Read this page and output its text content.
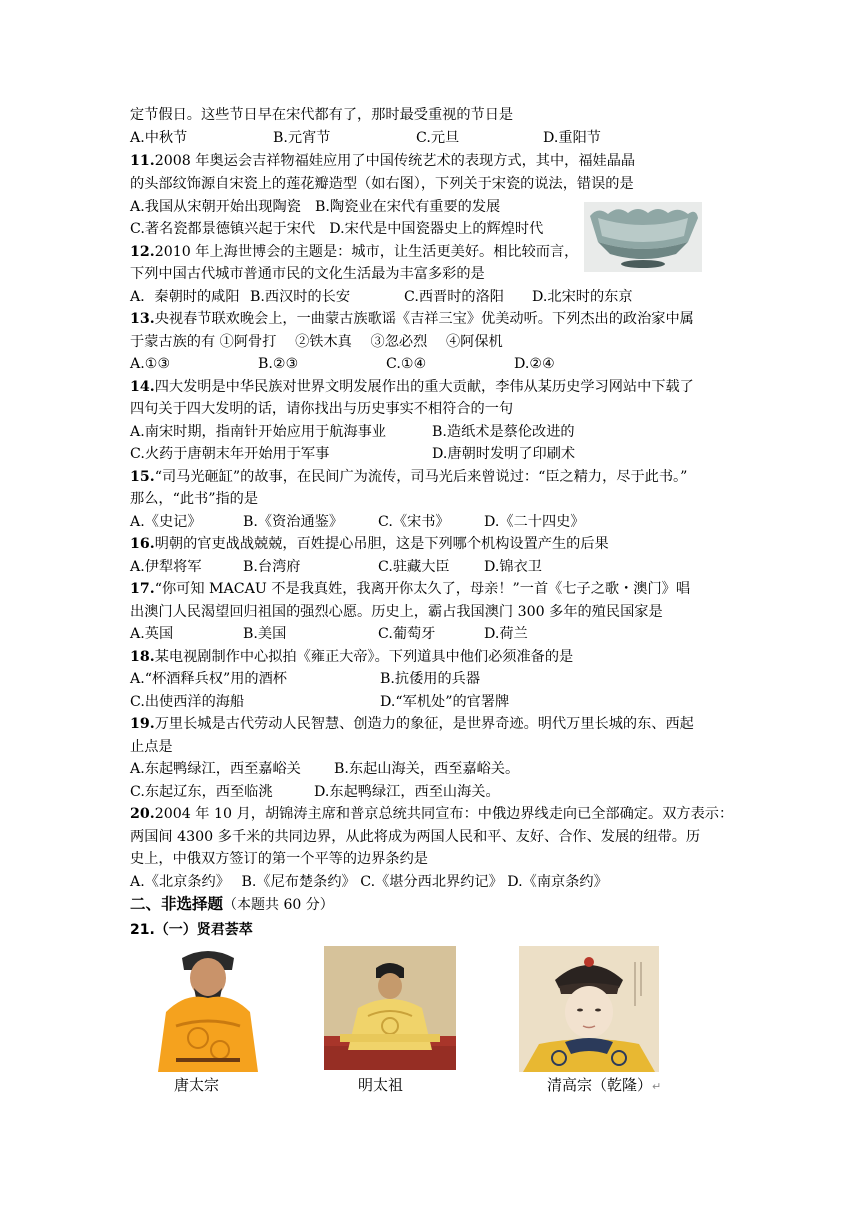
定节假日。这些节日早在宋代都有了，那时最受重视的节日是
A.中秋节	B.元宵节	C.元旦	D.重阳节
11.2008 年奥运会吉祥物福娃应用了中国传统艺术的表现方式，其中，福娃晶晶
的头部纹饰源自宋瓷上的莲花瓣造型（如右图），下列关于宋瓷的说法，错误的是
A.我国从宋朝开始出现陶瓷　B.陶瓷业在宋代有重要的发展
C.著名瓷都景德镇兴起于宋代　D.宋代是中国瓷器史上的辉煌时代
12.2010 年上海世博会的主题是：城市，让生活更美好。相比较而言，
下列中国古代城市普通市民的文化生活最为丰富多彩的是
A．秦朝时的咸阳 B.西汉时的长安	C.西晋时的洛阳 D.北宋时的东京
13.央视春节联欢晚会上，一曲蒙古族歌谣《吉祥三宝》优美动听。下列杰出的政治家中属
于蒙古族的有 ①阿骨打　 ②铁木真　 ③忽必烈　 ④阿保机
A.①③	B.②③	C.①④	D.②④
14.四大发明是中华民族对世界文明发展作出的重大贡献，李伟从某历史学习网站中下载了
四句关于四大发明的话，请你找出与历史事实不相符合的一句
A.南宋时期，指南针开始应用于航海事业	B.造纸术是蔡伦改进的
C.火药于唐朝末年开始用于军事	D.唐朝时发明了印刷术
15.“司马光砸缸”的故事，在民间广为流传，司马光后来曾说过：“臣之精力，尽于此书。”
那么，“此书”指的是
A.《史记》	B.《资治通鉴》 C.《宋书》 D.《二十四史》
16.明朝的官吏战战兢兢，百姓提心吊胆，这是下列哪个机构设置产生的后果
A.伊犁将军	B.台湾府	C.驻藏大臣 D.锦衣卫
17.“你可知 MACAU 不是我真姓，我离开你太久了，母亲！”一首《七子之歌・澳门》唱
出澳门人民渴望回归祖国的强烈心愿。历史上，霸占我国澳门 300 多年的殖民国家是
A.英国	B.美国	C.葡萄牙	D.荷兰
18.某电视剧制作中心拟拍《雍正大帝》。下列道具中他们必须准备的是
A.“杯酒释兵权”用的酒杯	B.抗倭用的兵器
C.出使西洋的海船	D.“军机处”的官署牌
19.万里长城是古代劳动人民智慧、创造力的象征，是世界奇迹。明代万里长城的东、西起
止点是
A.东起鸭绿江，西至嘉峪关 B.东起山海关，西至嘉峪关。
C.东起辽东，西至临洮	D.东起鸭绿江，西至山海关。
20.2004 年 10 月，胡锦涛主席和普京总统共同宣布：中俄边界线走向已全部确定。双方表示：
两国间 4300 多千米的共同边界，从此将成为两国人民和平、友好、合作、发展的纽带。历
史上，中俄双方签订的第一个平等的边界条约是
A.《北京条约》　 B.《尼布楚条约》 C.《堪分西北界约记》 D.《南京条约》
二、非选择题（本题共 60 分）
21.（一）贤君荟萃
唐太宗	明太祖	清高宗（乾隆）↵
